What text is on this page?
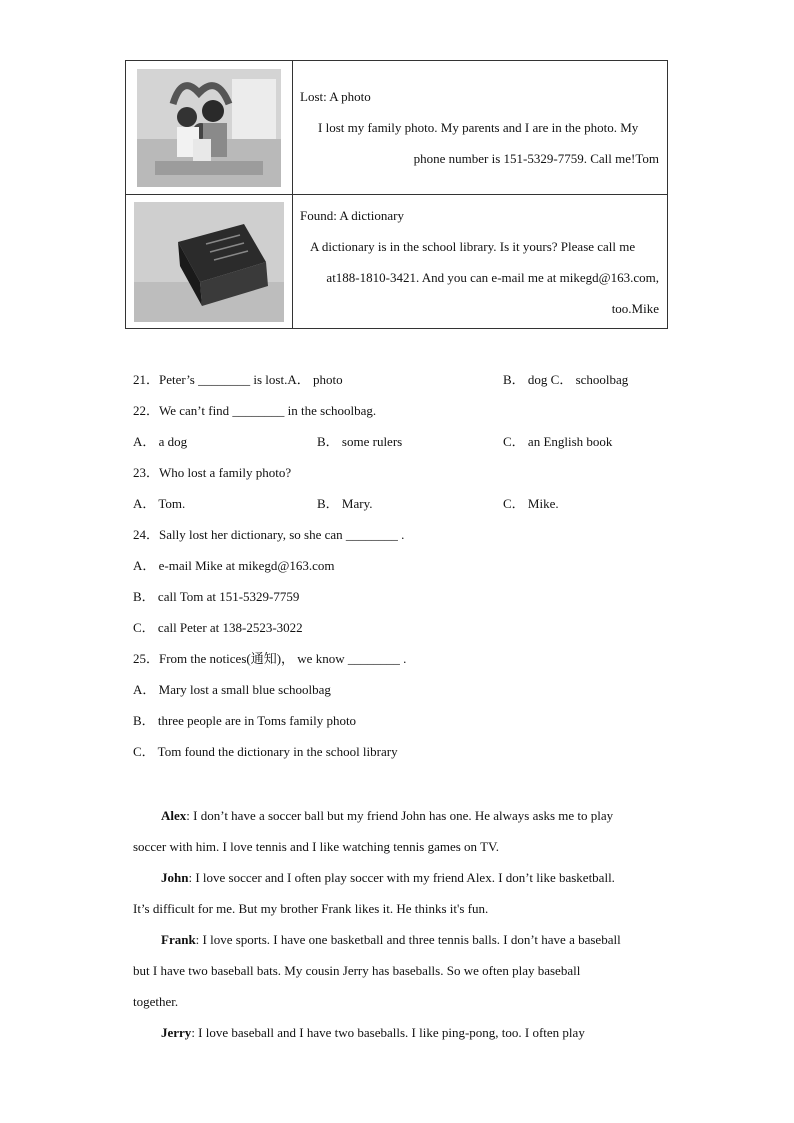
Lost: A photo
I lost my family photo. My parents and I are in the photo. My
phone number is 151-5329-7759. Call me!Tom

Found: A dictionary
A dictionary is in the school library. Is it yours? Please call me
at188-1810-3421. And you can e-mail me at mikegd@163.com,
too.Mike
21．Peter’s ________ is lost.A． photo	B． dog C． schoolbag
22．We can’t find ________ in the schoolbag.
A． a dog	B． some rulers	C． an English book
23．Who lost a family photo?
A． Tom.	B． Mary.	C． Mike.
24．Sally lost her dictionary, so she can ________ .
A． e-mail Mike at mikegd@163.com
B． call Tom at 151-5329-7759
C． call Peter at 138-2523-3022
25．From the notices(通知)， we know ________ .
A． Mary lost a small blue schoolbag
B． three people are in Toms family photo
C． Tom found the dictionary in the school library
Alex: I don’t have a soccer ball but my friend John has one. He always asks me to play
soccer with him. I love tennis and I like watching tennis games on TV.
John: I love soccer and I often play soccer with my friend Alex. I don’t like basketball.
It’s difficult for me. But my brother Frank likes it. He thinks it's fun.
Frank: I love sports. I have one basketball and three tennis balls. I don’t have a baseball
but I have two baseball bats. My cousin Jerry has baseballs. So we often play baseball
together.
Jerry: I love baseball and I have two baseballs. I like ping-pong, too. I often play
